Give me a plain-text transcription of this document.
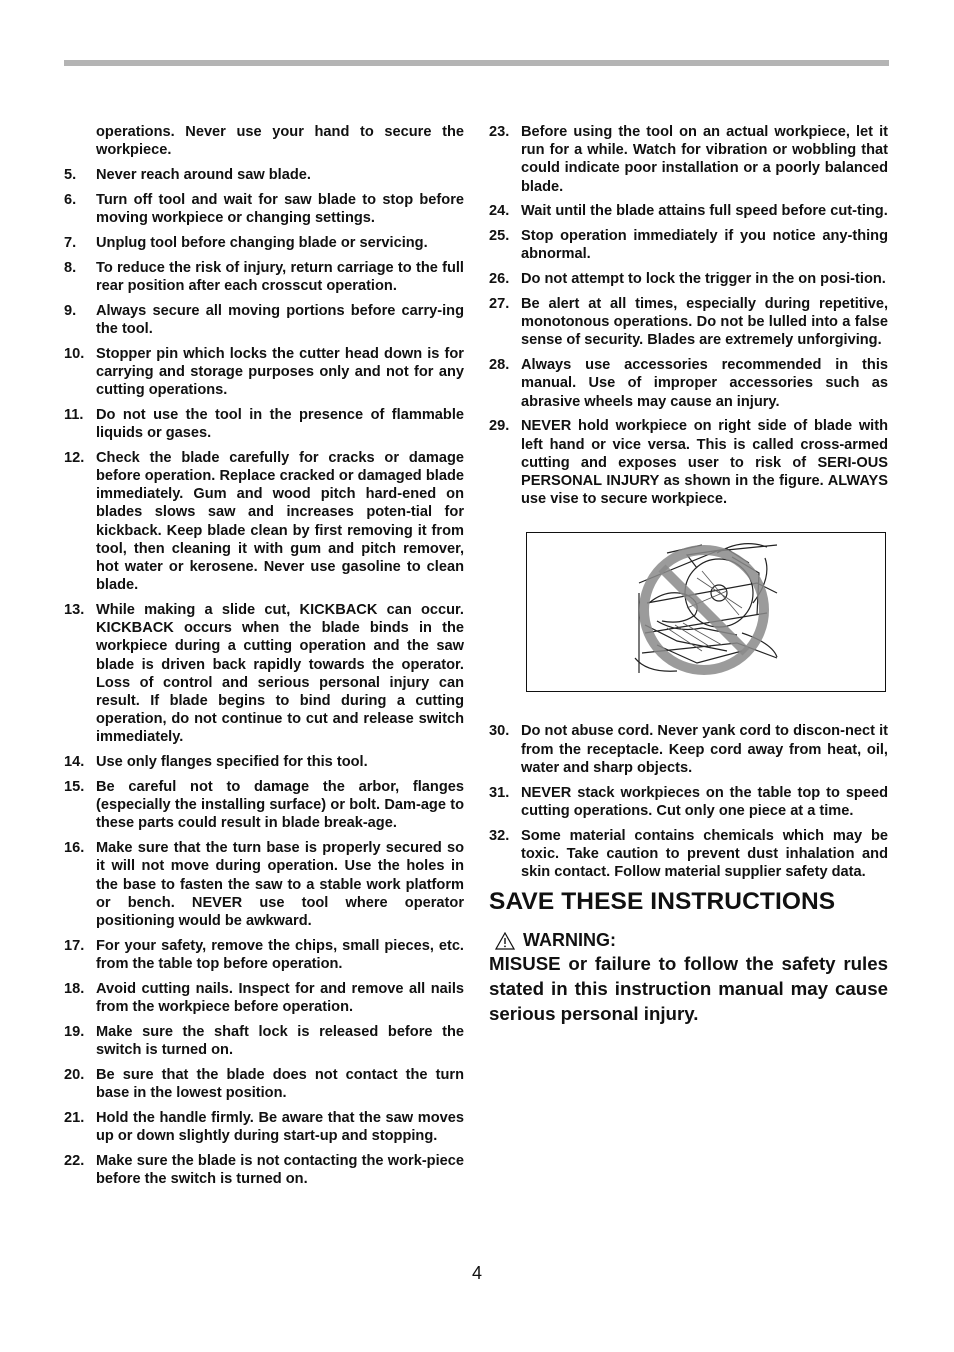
operations. Never use your hand to secure the workpiece.
5.	Never reach around saw blade.
6.	Turn off tool and wait for saw blade to stop before moving workpiece or changing settings.
7.	Unplug tool before changing blade or servicing.
8.	To reduce the risk of injury, return carriage to the full rear position after each crosscut operation.
9.	Always secure all moving portions before carry-ing the tool.
10. Stopper pin which locks the cutter head down is for carrying and storage purposes only and not for any cutting operations.
11. Do not use the tool in the presence of flammable liquids or gases.
12. Check the blade carefully for cracks or damage before operation. Replace cracked or damaged blade immediately. Gum and wood pitch hard-ened on blades slows saw and increases poten-tial for kickback. Keep blade clean by first removing it from tool, then cleaning it with gum and pitch remover, hot water or kerosene. Never use gasoline to clean blade.
13. While making a slide cut, KICKBACK can occur. KICKBACK occurs when the blade binds in the workpiece during a cutting operation and the saw blade is driven back rapidly towards the operator. Loss of control and serious personal injury can result. If blade begins to bind during a cutting operation, do not continue to cut and release switch immediately.
14. Use only flanges specified for this tool.
15. Be careful not to damage the arbor, flanges (especially the installing surface) or bolt. Dam-age to these parts could result in blade break-age.
16. Make sure that the turn base is properly secured so it will not move during operation. Use the holes in the base to fasten the saw to a stable work platform or bench. NEVER use tool where operator positioning would be awkward.
17. For your safety, remove the chips, small pieces, etc. from the table top before operation.
18. Avoid cutting nails. Inspect for and remove all nails from the workpiece before operation.
19. Make sure the shaft lock is released before the switch is turned on.
20. Be sure that the blade does not contact the turn base in the lowest position.
21. Hold the handle firmly. Be aware that the saw moves up or down slightly during start-up and stopping.
22. Make sure the blade is not contacting the work-piece before the switch is turned on.
23. Before using the tool on an actual workpiece, let it run for a while. Watch for vibration or wobbling that could indicate poor installation or a poorly balanced blade.
24. Wait until the blade attains full speed before cut-ting.
25. Stop operation immediately if you notice any-thing abnormal.
26. Do not attempt to lock the trigger in the on posi-tion.
27. Be alert at all times, especially during repetitive, monotonous operations. Do not be lulled into a false sense of security. Blades are extremely unforgiving.
28. Always use accessories recommended in this manual. Use of improper accessories such as abrasive wheels may cause an injury.
29. NEVER hold workpiece on right side of blade with left hand or vice versa. This is called cross-armed cutting and exposes user to risk of SERI-OUS PERSONAL INJURY as shown in the figure. ALWAYS use vise to secure workpiece.
30. Do not abuse cord. Never yank cord to discon-nect it from the receptacle. Keep cord away from heat, oil, water and sharp objects.
31. NEVER stack workpieces on the table top to speed cutting operations. Cut only one piece at a time.
32. Some material contains chemicals which may be toxic. Take caution to prevent dust inhalation and skin contact. Follow material supplier safety data.
SAVE THESE INSTRUCTIONS
WARNING:
MISUSE or failure to follow the safety rules stated in this instruction manual may cause serious personal injury.
4
